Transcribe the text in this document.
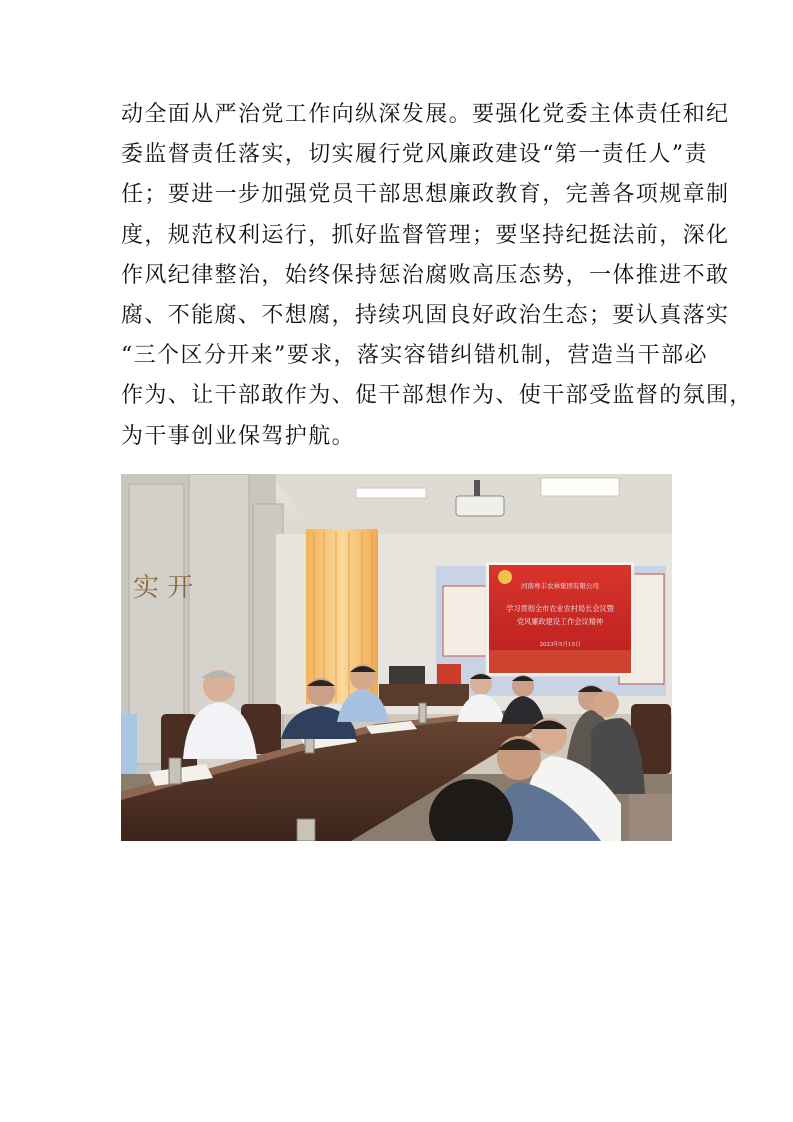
动全面从严治党工作向纵深发展。要强化党委主体责任和纪
委监督责任落实，切实履行党风廉政建设“第一责任人”责
任；要进一步加强党员干部思想廉政教育，完善各项规章制
度，规范权利运行，抓好监督管理；要坚持纪挺法前，深化
作风纪律整治，始终保持惩治腐败高压态势，一体推进不敢
腐、不能腐、不想腐，持续巩固良好政治生态；要认真落实
“三个区分开来”要求，落实容错纠错机制，营造当干部必
作为、让干部敢作为、促干部想作为、使干部受监督的氛围，
为干事创业保驾护航。
实 开	河南粤丰农林集团有限公司
学习贯彻全市农业农村局长会议暨
党风廉政建设工作会议精神
2023年5月15日
